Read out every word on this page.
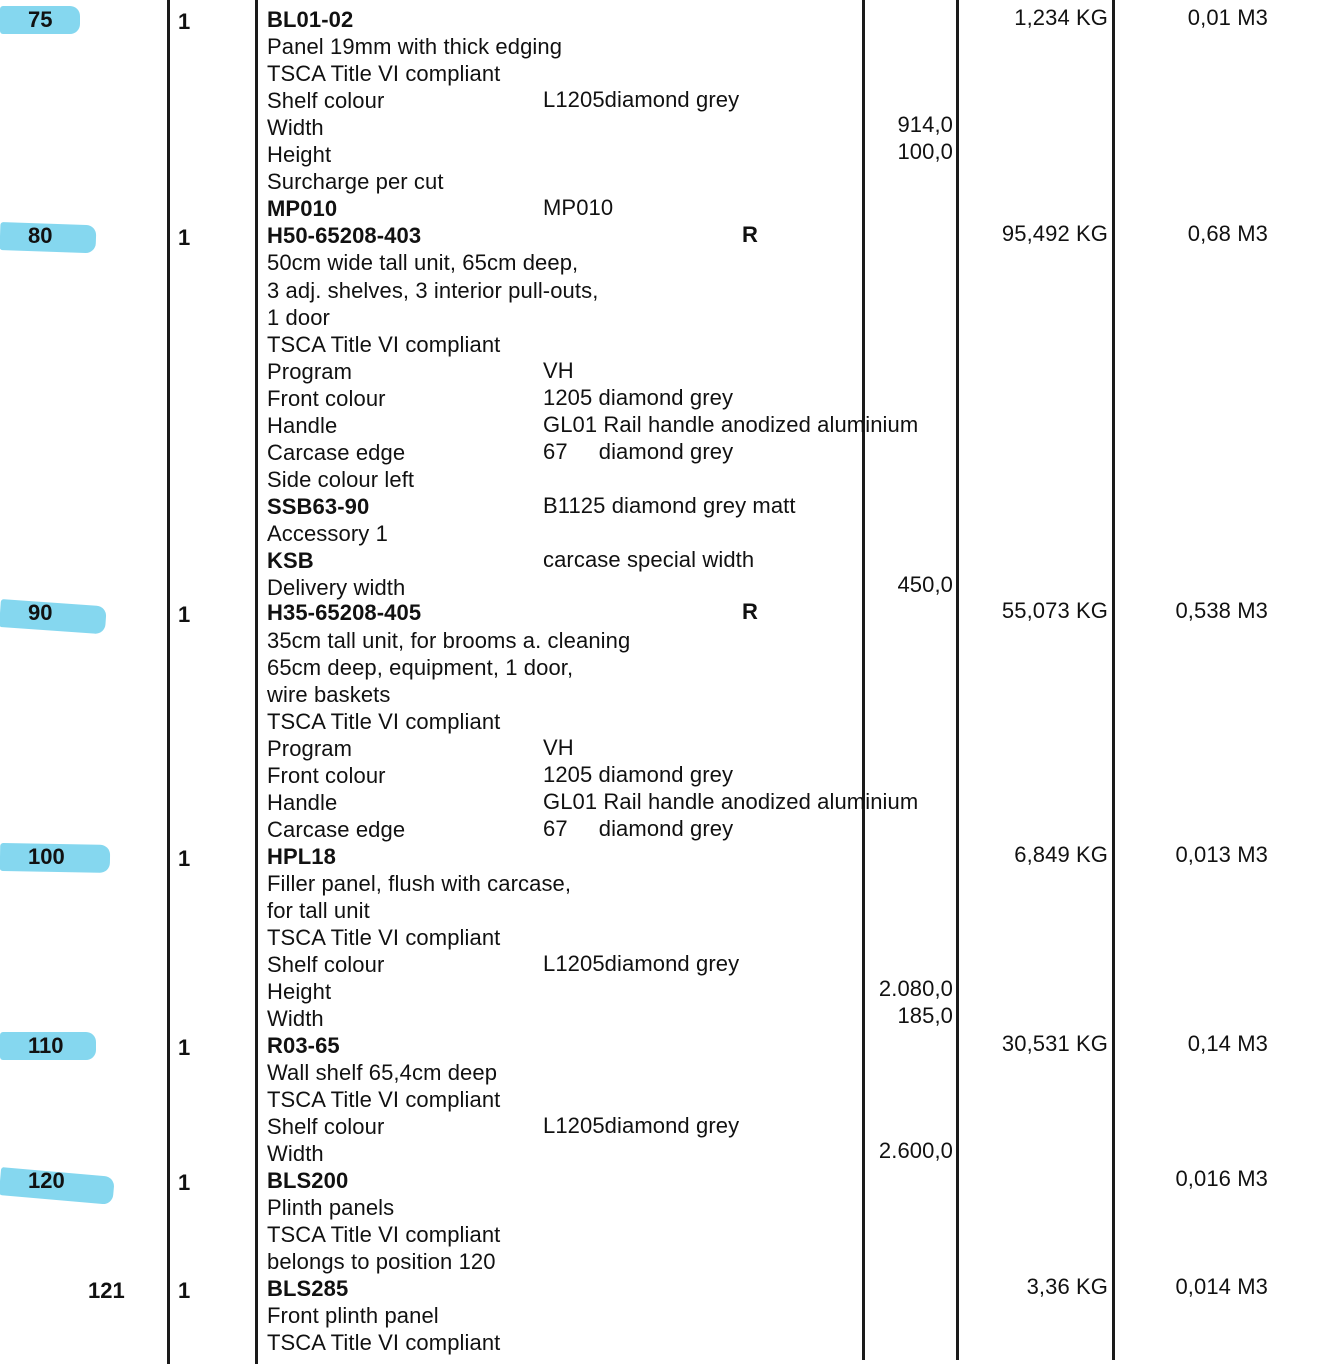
75	1	1,234 KG	0,01 M3
BL01-02
Panel 19mm with thick edging
TSCA Title VI compliant
Shelf colour	L1205diamond grey
Width	914,0
Height	100,0
Surcharge per cut
MP010	MP010
80	1	95,492 KG	0,68 M3
H50-65208-403	R
50cm wide tall unit, 65cm deep,
3 adj. shelves, 3 interior pull-outs,
1 door
TSCA Title VI compliant
Program	VH
Front colour	1205 diamond grey
Handle	GL01 Rail handle anodized aluminium
Carcase edge	67     diamond grey
Side colour left
SSB63-90	B1125 diamond grey matt
Accessory 1
KSB	carcase special width
Delivery width	450,0
90	1	55,073 KG	0,538 M3
H35-65208-405	R
35cm tall unit, for brooms a. cleaning
65cm deep, equipment, 1 door,
wire baskets
TSCA Title VI compliant
Program	VH
Front colour	1205 diamond grey
Handle	GL01 Rail handle anodized aluminium
Carcase edge	67     diamond grey
100	1	6,849 KG	0,013 M3
HPL18
Filler panel, flush with carcase,
for tall unit
TSCA Title VI compliant
Shelf colour	L1205diamond grey
Height	2.080,0
Width	185,0
110	1	30,531 KG	0,14 M3
R03-65
Wall shelf 65,4cm deep
TSCA Title VI compliant
Shelf colour	L1205diamond grey
Width	2.600,0
120	1	0,016 M3
BLS200
Plinth panels
TSCA Title VI compliant
belongs to position 120
121 1	3,36 KG	0,014 M3
BLS285
Front plinth panel
TSCA Title VI compliant
